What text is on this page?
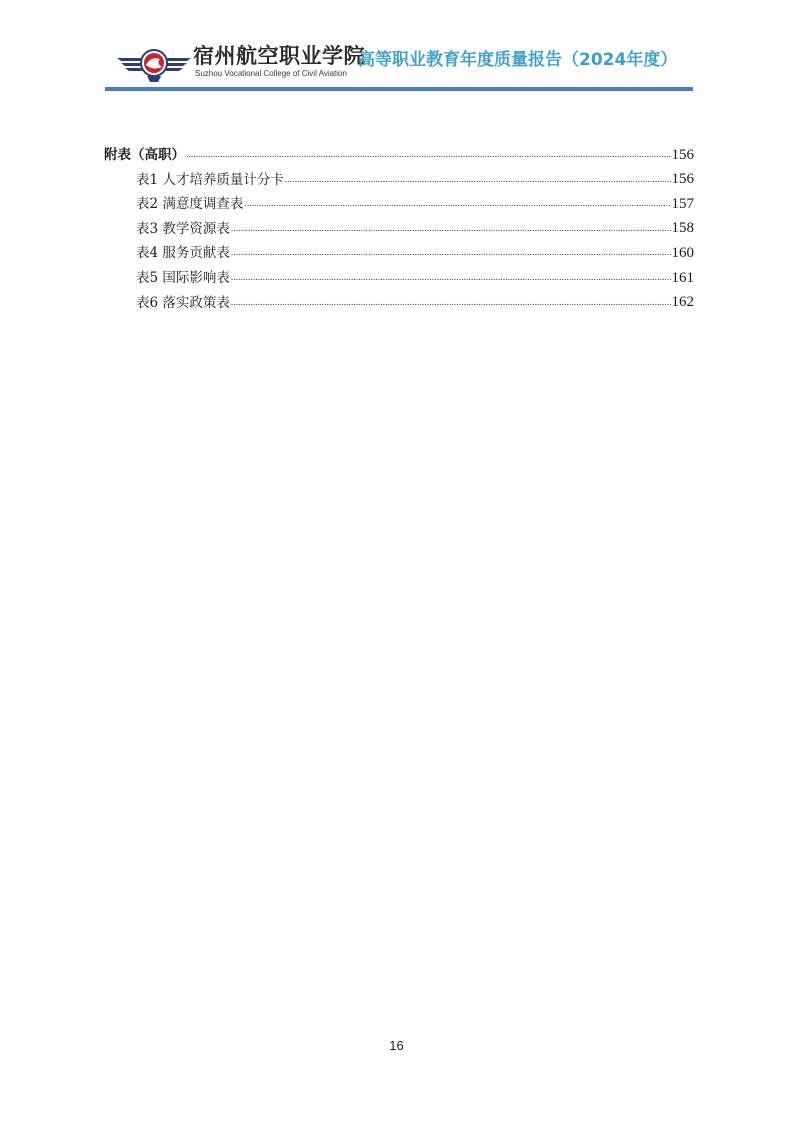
宿州航空职业学院
Suzhou Vocational College of Civil Aviation
高等职业教育年度质量报告（2024年度）
附表（高职） .....	156
表1 人才培养质量计分卡 .....	156
表2 满意度调查表 .....	157
表3 教学资源表 .....	158
表4 服务贡献表 .....	160
表5 国际影响表 .....	161
表6 落实政策表 .....	162
16
